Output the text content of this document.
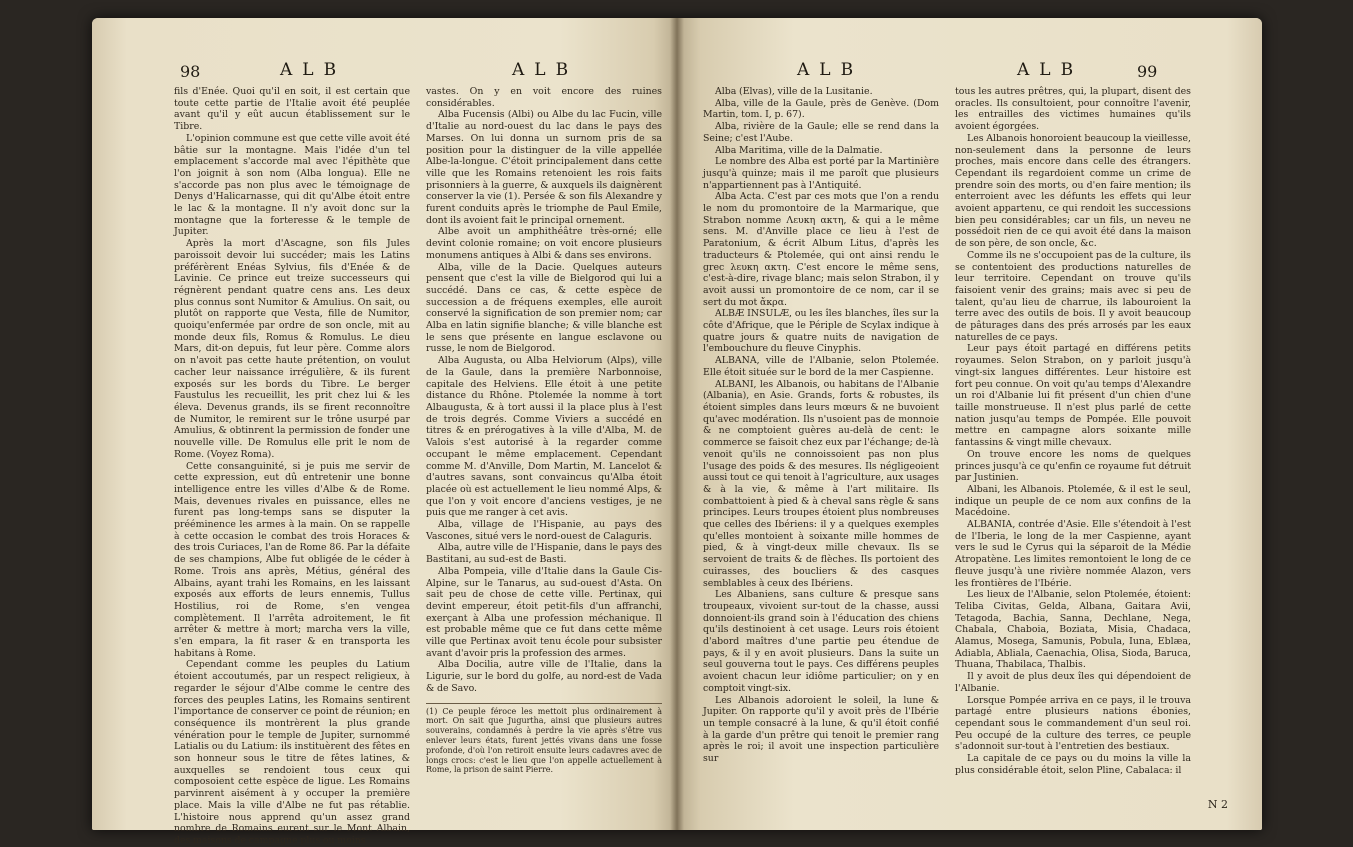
98	ALB	ALB

fils d'Enée. Quoi qu'il en soit, il est certain que toute cette partie de l'Italie avoit été peuplée avant qu'il y eût aucun établissement sur le Tibre.

L'opinion commune est que cette ville avoit été bâtie sur la montagne. Mais l'idée d'un tel emplacement s'accorde mal avec l'épithète que l'on joignit à son nom (Alba longua). Elle ne s'accorde pas non plus avec le témoignage de Denys d'Halicarnasse, qui dit qu'Albe étoit entre le lac & la montagne. Il n'y avoit donc sur la montagne que la forteresse & le temple de Jupiter.

Après la mort d'Ascagne, son fils Jules paroissoit devoir lui succéder; mais les Latins préférèrent Enéas Sylvius, fils d'Enée & de Lavinie. Ce prince eut treize successeurs qui régnèrent pendant quatre cens ans. Les deux plus connus sont Numitor & Amulius. On sait, ou plutôt on rapporte que Vesta, fille de Numitor, quoiqu'enfermée par ordre de son oncle, mit au monde deux fils, Romus & Romulus. Le dieu Mars, dit-on depuis, fut leur père. Comme alors on n'avoit pas cette haute prétention, on voulut cacher leur naissance irrégulière, & ils furent exposés sur les bords du Tibre. Le berger Faustulus les recueillit, les prit chez lui & les éleva. Devenus grands, ils se firent reconnoître de Numitor, le remirent sur le trône usurpé par Amulius, & obtinrent la permission de fonder une nouvelle ville. De Romulus elle prit le nom de Rome. (Voyez Roma).

Cette consanguinité, si je puis me servir de cette expression, eut dû entretenir une bonne intelligence entre les villes d'Albe & de Rome. Mais, devenues rivales en puissance, elles ne furent pas long-temps sans se disputer la prééminence les armes à la main. On se rappelle à cette occasion le combat des trois Horaces & des trois Curiaces, l'an de Rome 86. Par la défaite de ses champions, Albe fut obligée de le céder à Rome. Trois ans après, Métius, général des Albains, ayant trahi les Romains, en les laissant exposés aux efforts de leurs ennemis, Tullus Hostilius, roi de Rome, s'en vengea complètement. Il l'arrêta adroitement, le fit arrêter & mettre à mort; marcha vers la ville, s'en empara, la fit raser & en transporta les habitans à Rome.

Cependant comme les peuples du Latium étoient accoutumés, par un respect religieux, à regarder le séjour d'Albe comme le centre des forces des peuples Latins, les Romains sentirent l'importance de conserver ce point de réunion; en conséquence ils montrèrent la plus grande vénération pour le temple de Jupiter, surnommé Latialis ou du Latium: ils instituèrent des fêtes en son honneur sous le titre de fêtes latines, & auxquelles se rendoient tous ceux qui composoient cette espèce de ligue. Les Romains parvinrent aisément à y occuper la première place. Mais la ville d'Albe ne fut pas rétablie. L'histoire nous apprend qu'un assez grand nombre de Romains eurent sur le Mont Albain, des maisons de campagne plus ou moins

vastes. On y en voit encore des ruines considérables.

Alba Fucensis (Albi) ou Albe du lac Fucin, ville d'Italie au nord-ouest du lac dans le pays des Marses. On lui donna un surnom pris de sa position pour la distinguer de la ville appellée Albe-la-longue. C'étoit principalement dans cette ville que les Romains retenoient les rois faits prisonniers à la guerre, & auxquels ils daignèrent conserver la vie (1). Persée & son fils Alexandre y furent conduits après le triomphe de Paul Emile, dont ils avoient fait le principal ornement.

Albe avoit un amphithéâtre très-orné; elle devint colonie romaine; on voit encore plusieurs monumens antiques à Albi & dans ses environs.

Alba, ville de la Dacie. Quelques auteurs pensent que c'est la ville de Bielgorod qui lui a succédé. Dans ce cas, & cette espèce de succession a de fréquens exemples, elle auroit conservé la signification de son premier nom; car Alba en latin signifie blanche; & ville blanche est le sens que présente en langue esclavone ou russe, le nom de Bielgorod.

Alba Augusta, ou Alba Helviorum (Alps), ville de la Gaule, dans la première Narbonnoise, capitale des Helviens. Elle étoit à une petite distance du Rhône. Ptolemée la nomme à tort Albaugusta, & à tort aussi il la place plus à l'est de trois degrés. Comme Viviers a succédé en titres & en prérogatives à la ville d'Alba, M. de Valois s'est autorisé à la regarder comme occupant le même emplacement. Cependant comme M. d'Anville, Dom Martin, M. Lancelot & d'autres savans, sont convaincus qu'Alba étoit placée où est actuellement le lieu nommé Alps, & que l'on y voit encore d'anciens vestiges, je ne puis que me ranger à cet avis.

Alba, village de l'Hispanie, au pays des Vascones, situé vers le nord-ouest de Calaguris.

Alba, autre ville de l'Hispanie, dans le pays des Bastitani, au sud-est de Basti.

Alba Pompeia, ville d'Italie dans la Gaule Cis-Alpine, sur le Tanarus, au sud-ouest d'Asta. On sait peu de chose de cette ville. Pertinax, qui devint empereur, étoit petit-fils d'un affranchi, exerçant à Alba une profession méchanique. Il est probable même que ce fut dans cette même ville que Pertinax avoit tenu école pour subsister avant d'avoir pris la profession des armes.

Alba Docilia, autre ville de l'Italie, dans la Ligurie, sur le bord du golfe, au nord-est de Vada & de Savo.

(1) Ce peuple féroce les mettoit plus ordinairement à mort. On sait que Jugurtha, ainsi que plusieurs autres souverains, condamnés à perdre la vie après s'être vus enlever leurs états, furent jettés vivans dans une fosse profonde, d'où l'on retiroit ensuite leurs cadavres avec de longs crocs: c'est le lieu que l'on appelle actuellement à Rome, la prison de saint Pierre.
ALB	ALB	99

Alba (Elvas), ville de la Lusitanie.

Alba, ville de la Gaule, près de Genève. (Dom Martin, tom. I, p. 67).

Alba, rivière de la Gaule; elle se rend dans la Seine; c'est l'Aube.

Alba Maritima, ville de la Dalmatie.

Le nombre des Alba est porté par la Martinière jusqu'à quinze; mais il me paroît que plusieurs n'appartiennent pas à l'Antiquité.

Alba Acta. C'est par ces mots que l'on a rendu le nom du promontoire de la Marmarique, que Strabon nomme Λευκη ακτη, & qui a le même sens. M. d'Anville place ce lieu à l'est de Paratonium, & écrit Album Litus, d'après les traducteurs & Ptolemée, qui ont ainsi rendu le grec λευκη ακτη. C'est encore le même sens, c'est-à-dire, rivage blanc; mais selon Strabon, il y avoit aussi un promontoire de ce nom, car il se sert du mot ἄκρα.

ALBÆ INSULÆ, ou les îles blanches, îles sur la côte d'Afrique, que le Périple de Scylax indique à quatre jours & quatre nuits de navigation de l'embouchure du fleuve Cinyphis.

ALBANA, ville de l'Albanie, selon Ptolemée. Elle étoit située sur le bord de la mer Caspienne.

ALBANI, les Albanois, ou habitans de l'Albanie (Albania), en Asie. Grands, forts & robustes, ils étoient simples dans leurs mœurs & ne buvoient qu'avec modération. Ils n'usoient pas de monnoie & ne comptoient guères au-delà de cent: le commerce se faisoit chez eux par l'échange; de-là venoit qu'ils ne connoissoient pas non plus l'usage des poids & des mesures. Ils négligeoient aussi tout ce qui tenoit à l'agriculture, aux usages & à la vie, & même à l'art militaire. Ils combattoient à pied & à cheval sans règle & sans principes. Leurs troupes étoient plus nombreuses que celles des Ibériens: il y a quelques exemples qu'elles montoient à soixante mille hommes de pied, & à vingt-deux mille chevaux. Ils se servoient de traits & de flèches. Ils portoient des cuirasses, des boucliers & des casques semblables à ceux des Ibériens.

Les Albaniens, sans culture & presque sans troupeaux, vivoient sur-tout de la chasse, aussi donnoient-ils grand soin à l'éducation des chiens qu'ils destinoient à cet usage. Leurs rois étoient d'abord maîtres d'une partie peu étendue de pays, & il y en avoit plusieurs. Dans la suite un seul gouverna tout le pays. Ces différens peuples avoient chacun leur idiôme particulier; on y en comptoit vingt-six.

Les Albanois adoroient le soleil, la lune & Jupiter. On rapporte qu'il y avoit près de l'Ibérie un temple consacré à la lune, & qu'il étoit confié à la garde d'un prêtre qui tenoit le premier rang après le roi; il avoit une inspection particulière sur

tous les autres prêtres, qui, la plupart, disent des oracles. Ils consultoient, pour connoître l'avenir, les entrailles des victimes humaines qu'ils avoient égorgées.

Les Albanois honoroient beaucoup la vieillesse, non-seulement dans la personne de leurs proches, mais encore dans celle des étrangers. Cependant ils regardoient comme un crime de prendre soin des morts, ou d'en faire mention; ils enterroient avec les défunts les effets qui leur avoient appartenu, ce qui rendoit les successions bien peu considérables; car un fils, un neveu ne possédoit rien de ce qui avoit été dans la maison de son père, de son oncle, &c.

Comme ils ne s'occupoient pas de la culture, ils se contentoient des productions naturelles de leur territoire. Cependant on trouve qu'ils faisoient venir des grains; mais avec si peu de talent, qu'au lieu de charrue, ils labouroient la terre avec des outils de bois. Il y avoit beaucoup de pâturages dans des prés arrosés par les eaux naturelles de ce pays.

Leur pays étoit partagé en différens petits royaumes. Selon Strabon, on y parloit jusqu'à vingt-six langues différentes. Leur histoire est fort peu connue. On voit qu'au temps d'Alexandre un roi d'Albanie lui fit présent d'un chien d'une taille monstrueuse. Il n'est plus parlé de cette nation jusqu'au temps de Pompée. Elle pouvoit mettre en campagne alors soixante mille fantassins & vingt mille chevaux.

On trouve encore les noms de quelques princes jusqu'à ce qu'enfin ce royaume fut détruit par Justinien.

Albani, les Albanois. Ptolemée, & il est le seul, indique un peuple de ce nom aux confins de la Macédoine.

ALBANIA, contrée d'Asie. Elle s'étendoit à l'est de l'Iberia, le long de la mer Caspienne, ayant vers le sud le Cyrus qui la séparoit de la Médie Atropatène. Les limites remontoient le long de ce fleuve jusqu'à une rivière nommée Alazon, vers les frontières de l'Ibérie.

Les lieux de l'Albanie, selon Ptolemée, étoient: Teliba Civitas, Gelda, Albana, Gaitara Avii, Tetagoda, Bachia, Sanna, Dechlane, Nega, Chabala, Chaboia, Boziata, Misia, Chadaca, Alamus, Mosega, Samunis, Pobula, Iuna, Eblæa, Adiabla, Abliala, Caenachia, Olisa, Sioda, Baruca, Thuana, Thabilaca, Thalbis.

Il y avoit de plus deux îles qui dépendoient de l'Albanie.

Lorsque Pompée arriva en ce pays, il le trouva partagé entre plusieurs nations ébonies, cependant sous le commandement d'un seul roi. Peu occupé de la culture des terres, ce peuple s'adonnoit sur-tout à l'entretien des bestiaux.

La capitale de ce pays ou du moins la ville la plus considérable étoit, selon Pline, Cabalaca: il

N 2
